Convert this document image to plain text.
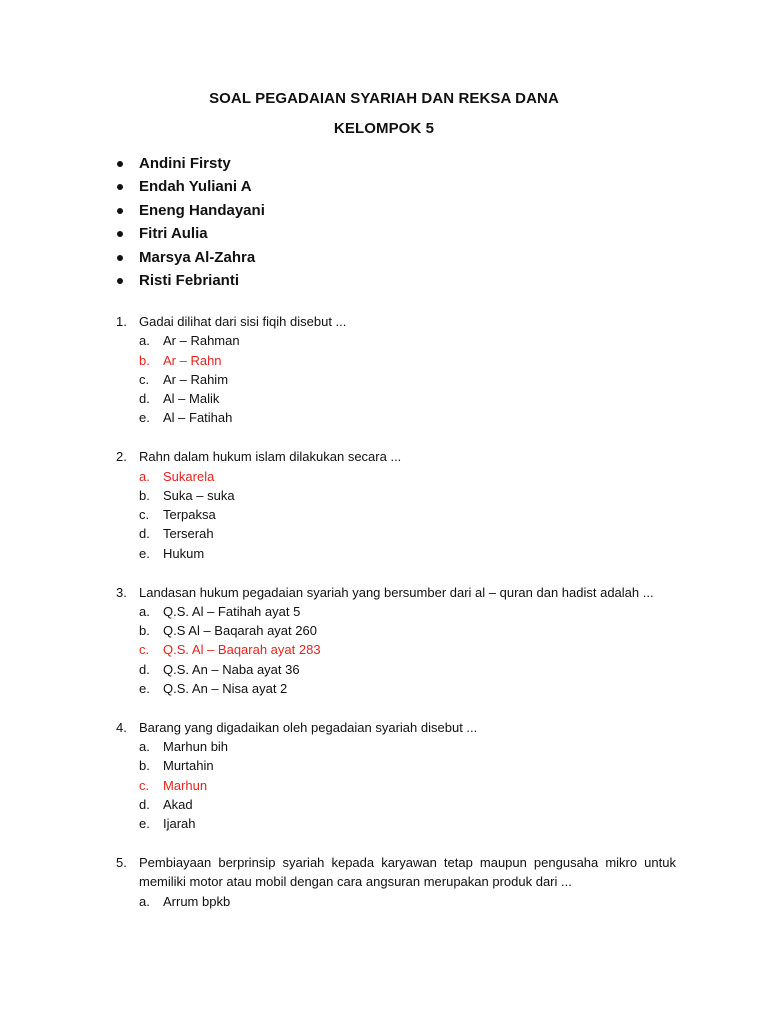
SOAL PEGADAIAN SYARIAH DAN REKSA DANA
KELOMPOK 5
Andini Firsty
Endah Yuliani A
Eneng Handayani
Fitri Aulia
Marsya Al-Zahra
Risti Febrianti
1. Gadai dilihat dari sisi fiqih disebut ...
a. Ar – Rahman
b. Ar – Rahn
c. Ar – Rahim
d. Al – Malik
e. Al – Fatihah
2. Rahn dalam hukum islam dilakukan secara ...
a. Sukarela
b. Suka – suka
c. Terpaksa
d. Terserah
e. Hukum
3. Landasan hukum pegadaian syariah yang bersumber dari al – quran dan hadist adalah ...
a. Q.S. Al – Fatihah ayat 5
b. Q.S Al – Baqarah ayat 260
c. Q.S. Al – Baqarah ayat 283
d. Q.S. An – Naba ayat 36
e. Q.S. An – Nisa ayat 2
4. Barang yang digadaikan oleh pegadaian syariah disebut ...
a. Marhun bih
b. Murtahin
c. Marhun
d. Akad
e. Ijarah
5. Pembiayaan berprinsip syariah kepada karyawan tetap maupun pengusaha mikro untuk memiliki motor atau mobil dengan cara angsuran merupakan produk dari ...
a. Arrum bpkb
